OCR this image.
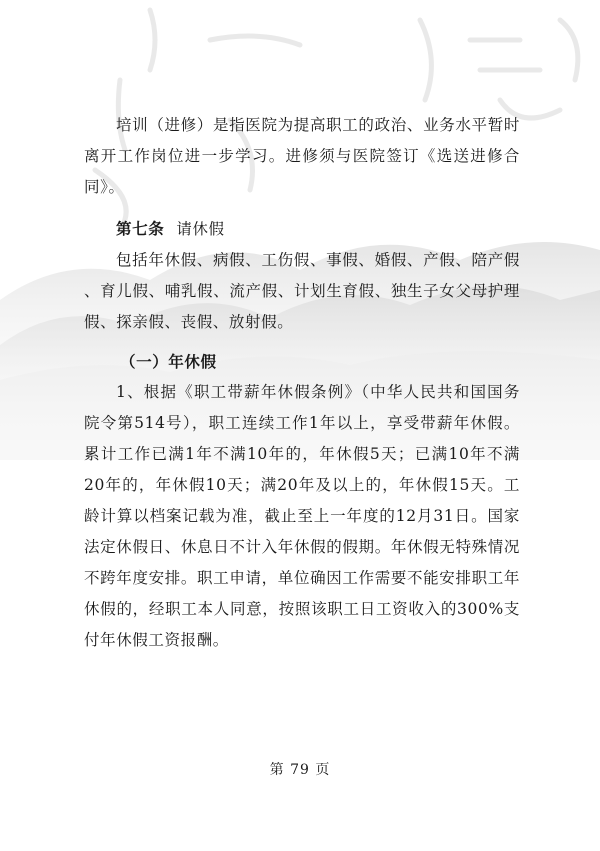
培训（进修）是指医院为提高职工的政治、业务水平暂时离开工作岗位进一步学习。进修须与医院签订《选送进修合同》。

第七条 请休假

包括年休假、病假、工伤假、事假、婚假、产假、陪产假 、育儿假、哺乳假、流产假、计划生育假、独生子女父母护理假、探亲假、丧假、放射假。

（一）年休假

1、根据《职工带薪年休假条例》（中华人民共和国国务院令第514号），职工连续工作1年以上，享受带薪年休假。累计工作已满1年不满10年的，年休假5天；已满10年不满20年的，年休假10天；满20年及以上的，年休假15天。工龄计算以档案记载为准，截止至上一年度的12月31日。国家法定休假日、休息日不计入年休假的假期。年休假无特殊情况不跨年度安排。职工申请，单位确因工作需要不能安排职工年休假的，经职工本人同意，按照该职工日工资收入的300%支付年休假工资报酬。

第 79 页
